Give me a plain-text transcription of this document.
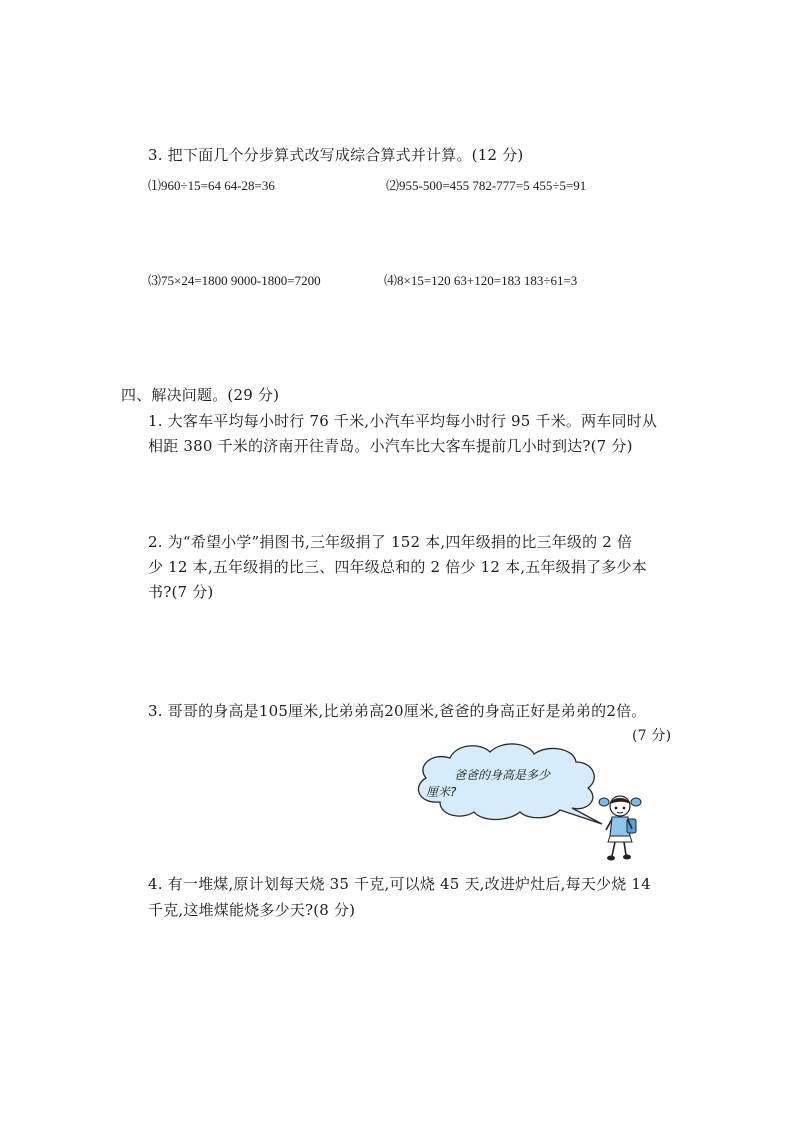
3. 把下面几个分步算式改写成综合算式并计算。(12 分)
⑴960÷15=64 64-28=36	⑵955-500=455 782-777=5 455÷5=91
⑶75×24=1800 9000-1800=7200	⑷8×15=120 63+120=183 183÷61=3
四、解决问题。(29 分)
1. 大客车平均每小时行 76 千米,小汽车平均每小时行 95 千米。两车同时从
相距 380 千米的济南开往青岛。小汽车比大客车提前几小时到达?(7 分)
2. 为“希望小学”捐图书,三年级捐了 152 本,四年级捐的比三年级的 2 倍
少 12 本,五年级捐的比三、四年级总和的 2 倍少 12 本,五年级捐了多少本
书?(7 分)
3. 哥哥的身高是105厘米,比弟弟高20厘米,爸爸的身高正好是弟弟的2倍。
(7 分)
爸爸的身高是多少
厘米?
4. 有一堆煤,原计划每天烧 35 千克,可以烧 45 天,改进炉灶后,每天少烧 14
千克,这堆煤能烧多少天?(8 分)
